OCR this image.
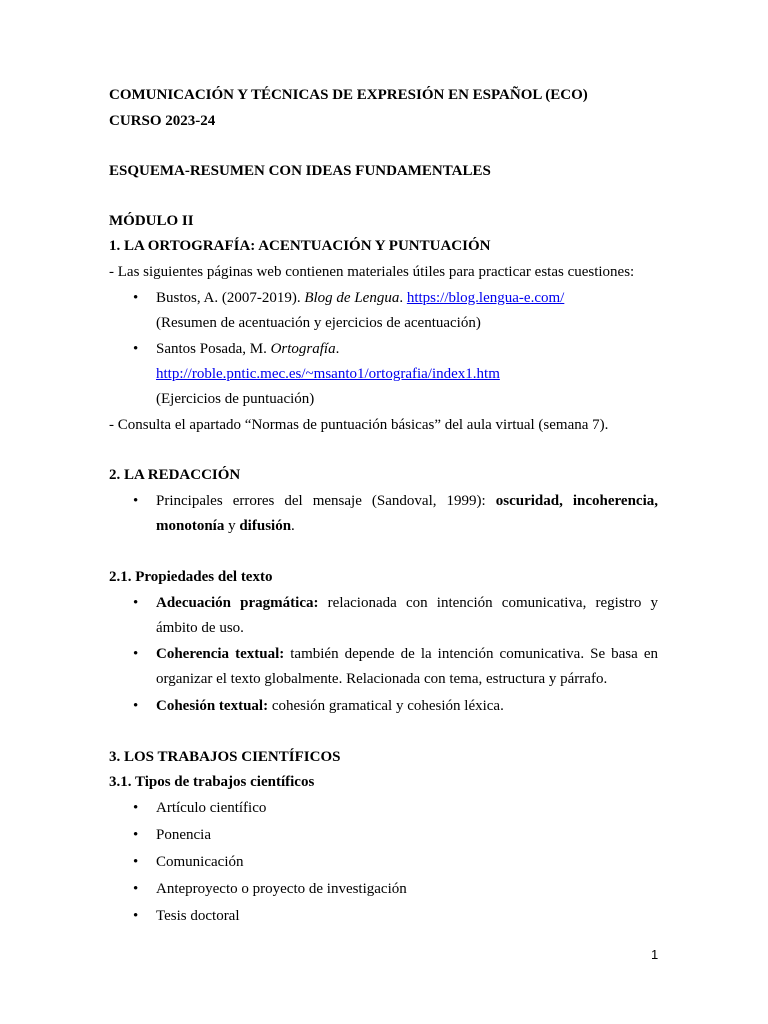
COMUNICACIÓN Y TÉCNICAS DE EXPRESIÓN EN ESPAÑOL (ECO)
CURSO 2023-24
ESQUEMA-RESUMEN CON IDEAS FUNDAMENTALES
MÓDULO II
1. LA ORTOGRAFÍA: ACENTUACIÓN Y PUNTUACIÓN
- Las siguientes páginas web contienen materiales útiles para practicar estas cuestiones:
• Bustos, A. (2007-2019). Blog de Lengua. https://blog.lengua-e.com/
(Resumen de acentuación y ejercicios de acentuación)
• Santos Posada, M. Ortografía.
http://roble.pntic.mec.es/~msanto1/ortografia/index1.htm
(Ejercicios de puntuación)
- Consulta el apartado “Normas de puntuación básicas” del aula virtual (semana 7).
2. LA REDACCIÓN
• Principales errores del mensaje (Sandoval, 1999): oscuridad, incoherencia,
monotonía y difusión.
2.1. Propiedades del texto
• Adecuación pragmática: relacionada con intención comunicativa, registro y
ámbito de uso.
• Coherencia textual: también depende de la intención comunicativa. Se basa en
organizar el texto globalmente. Relacionada con tema, estructura y párrafo.
• Cohesión textual: cohesión gramatical y cohesión léxica.
3. LOS TRABAJOS CIENTÍFICOS
3.1. Tipos de trabajos científicos
• Artículo científico
• Ponencia
• Comunicación
• Anteproyecto o proyecto de investigación
• Tesis doctoral
1
